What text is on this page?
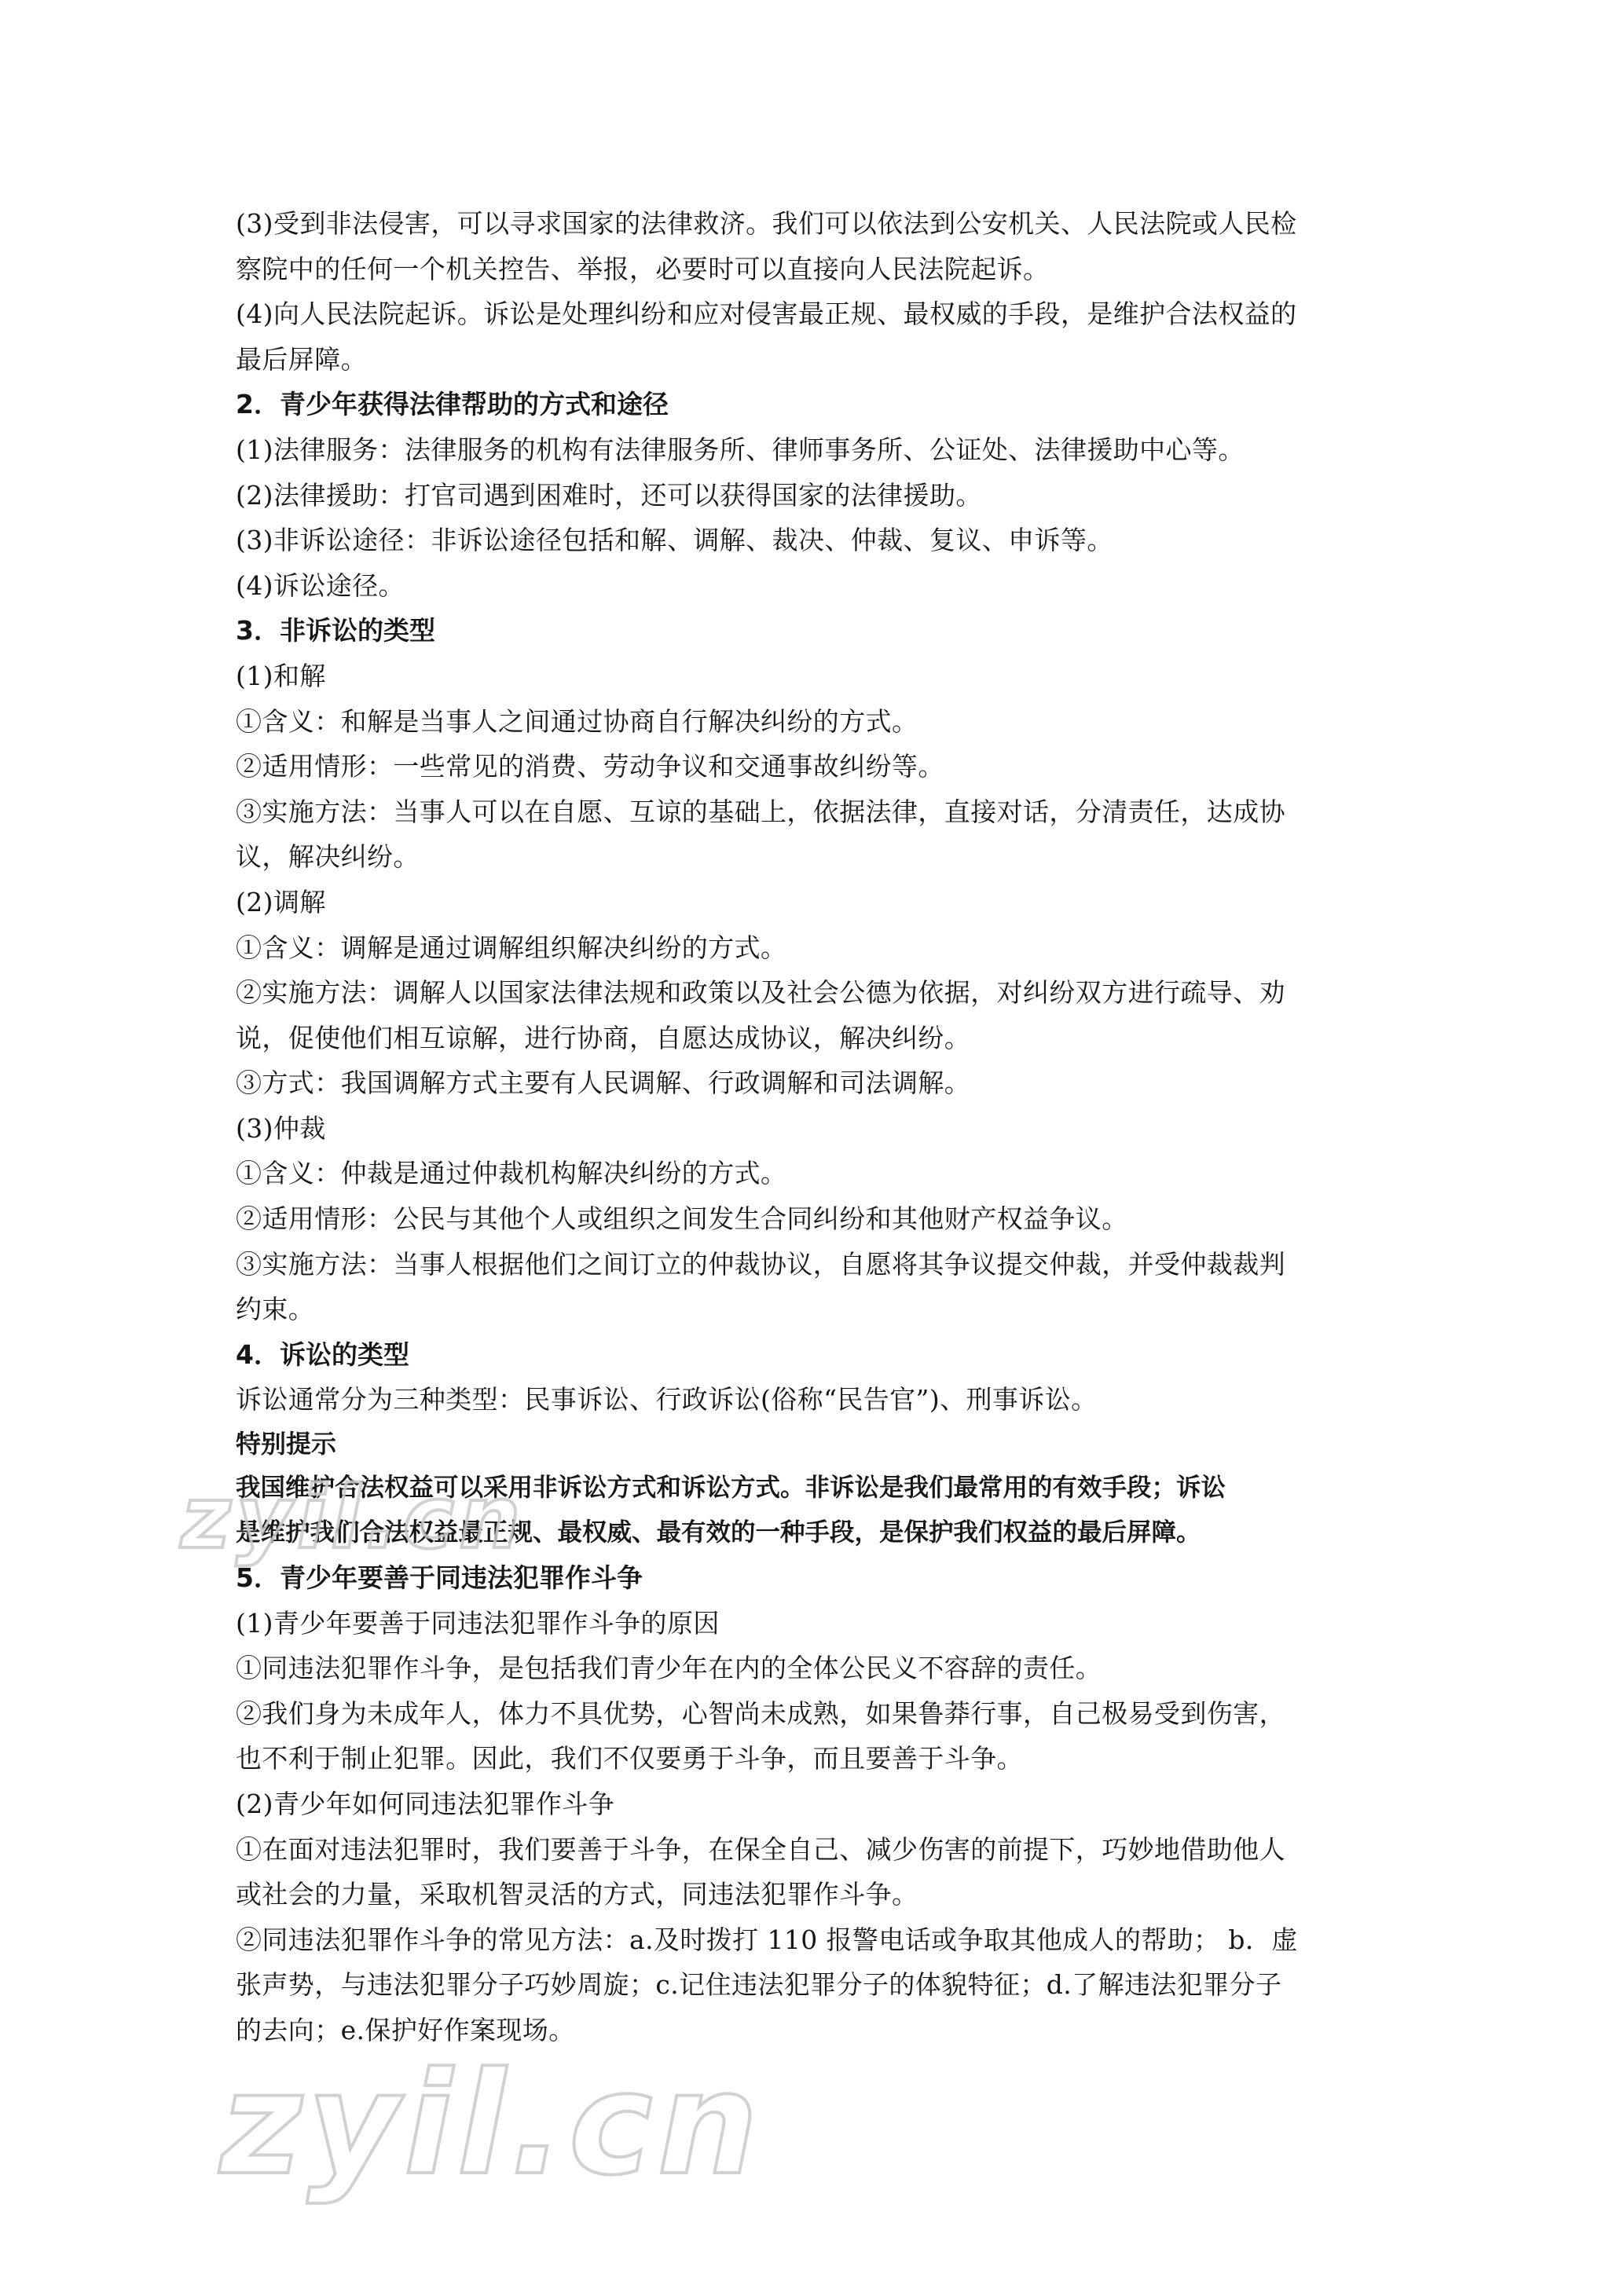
(3)受到非法侵害，可以寻求国家的法律救济。我们可以依法到公安机关、人民法院或人民检
察院中的任何一个机关控告、举报，必要时可以直接向人民法院起诉。
(4)向人民法院起诉。诉讼是处理纠纷和应对侵害最正规、最权威的手段，是维护合法权益的
最后屏障。
2．青少年获得法律帮助的方式和途径
(1)法律服务：法律服务的机构有法律服务所、律师事务所、公证处、法律援助中心等。
(2)法律援助：打官司遇到困难时，还可以获得国家的法律援助。
(3)非诉讼途径：非诉讼途径包括和解、调解、裁决、仲裁、复议、申诉等。
(4)诉讼途径。
3．非诉讼的类型
(1)和解
①含义：和解是当事人之间通过协商自行解决纠纷的方式。
②适用情形：一些常见的消费、劳动争议和交通事故纠纷等。
③实施方法：当事人可以在自愿、互谅的基础上，依据法律，直接对话，分清责任，达成协
议，解决纠纷。
(2)调解
①含义：调解是通过调解组织解决纠纷的方式。
②实施方法：调解人以国家法律法规和政策以及社会公德为依据，对纠纷双方进行疏导、劝
说，促使他们相互谅解，进行协商，自愿达成协议，解决纠纷。
③方式：我国调解方式主要有人民调解、行政调解和司法调解。
(3)仲裁
①含义：仲裁是通过仲裁机构解决纠纷的方式。
②适用情形：公民与其他个人或组织之间发生合同纠纷和其他财产权益争议。
③实施方法：当事人根据他们之间订立的仲裁协议，自愿将其争议提交仲裁，并受仲裁裁判
约束。
4．诉讼的类型
诉讼通常分为三种类型：民事诉讼、行政诉讼(俗称“民告官”)、刑事诉讼。
特别提示
我国维护合法权益可以采用非诉讼方式和诉讼方式。非诉讼是我们最常用的有效手段；诉讼
是维护我们合法权益最正规、最权威、最有效的一种手段，是保护我们权益的最后屏障。
5．青少年要善于同违法犯罪作斗争
(1)青少年要善于同违法犯罪作斗争的原因
①同违法犯罪作斗争，是包括我们青少年在内的全体公民义不容辞的责任。
②我们身为未成年人，体力不具优势，心智尚未成熟，如果鲁莽行事，自己极易受到伤害，
也不利于制止犯罪。因此，我们不仅要勇于斗争，而且要善于斗争。
(2)青少年如何同违法犯罪作斗争
①在面对违法犯罪时，我们要善于斗争，在保全自己、减少伤害的前提下，巧妙地借助他人
或社会的力量，采取机智灵活的方式，同违法犯罪作斗争。
②同违法犯罪作斗争的常见方法：a.及时拨打 110 报警电话或争取其他成人的帮助； b．虚
张声势，与违法犯罪分子巧妙周旋；c.记住违法犯罪分子的体貌特征；d.了解违法犯罪分子
的去向；e.保护好作案现场。
zyil.cn
zyil.cn
